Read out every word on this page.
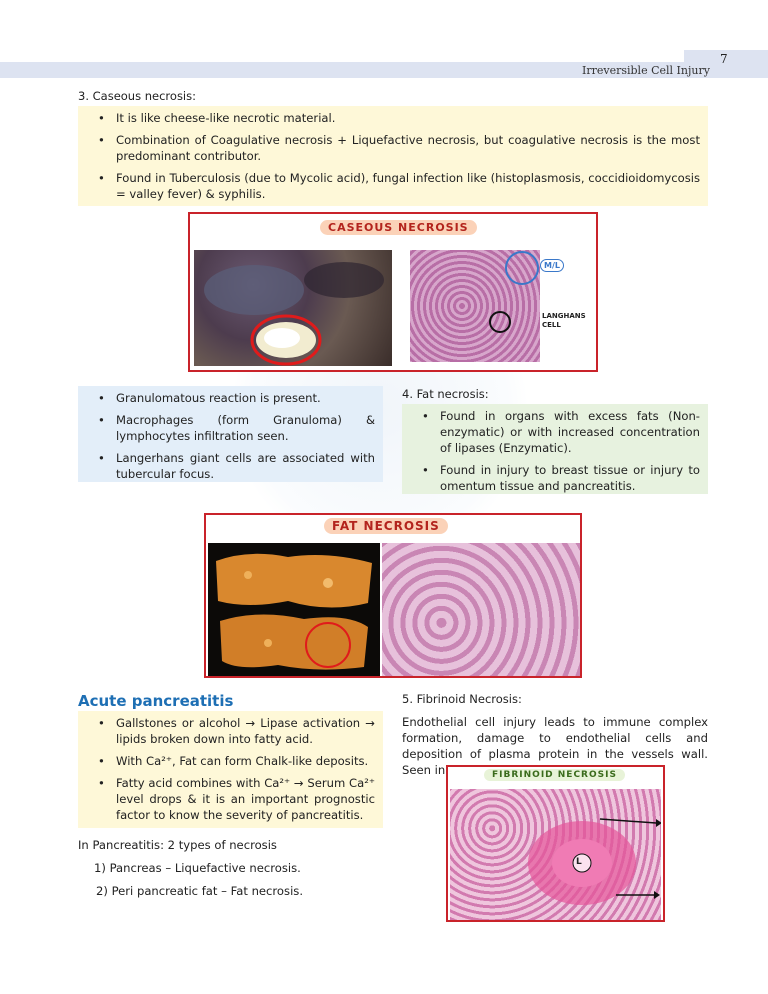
7
Irreversible Cell Injury
3. Caseous necrosis:
• It is like cheese-like necrotic material.
• Combination of Coagulative necrosis + Liquefactive necrosis, but coagulative necrosis is the most predominant contributor.
• Found in Tuberculosis (due to Mycolic acid), fungal infection like (histoplasmosis, coccidioidomycosis = valley fever) & syphilis.
CASEOUS NECROSIS
M/L
LANGHANS CELL
• Granulomatous reaction is present.
• Macrophages (form Granuloma) & lymphocytes infiltration seen.
• Langerhans giant cells are associated with tubercular focus.
4. Fat necrosis:
• Found in organs with excess fats (Non-enzymatic) or with increased concentration of lipases (Enzymatic).
• Found in injury to breast tissue or injury to omentum tissue and pancreatitis.
FAT NECROSIS
Acute pancreatitis
• Gallstones or alcohol → Lipase activation → lipids broken down into fatty acid.
• With Ca²⁺, Fat can form Chalk-like deposits.
• Fatty acid combines with Ca²⁺ → Serum Ca²⁺ level drops & it is an important prognostic factor to know the severity of pancreatitis.
In Pancreatitis: 2 types of necrosis
1) Pancreas – Liquefactive necrosis.
2) Peri pancreatic fat – Fat necrosis.
5. Fibrinoid Necrosis:
Endothelial cell injury leads to immune complex formation, damage to endothelial cells and deposition of plasma protein in the vessels wall. Seen in	FIBRINOID NECROSIS
L
